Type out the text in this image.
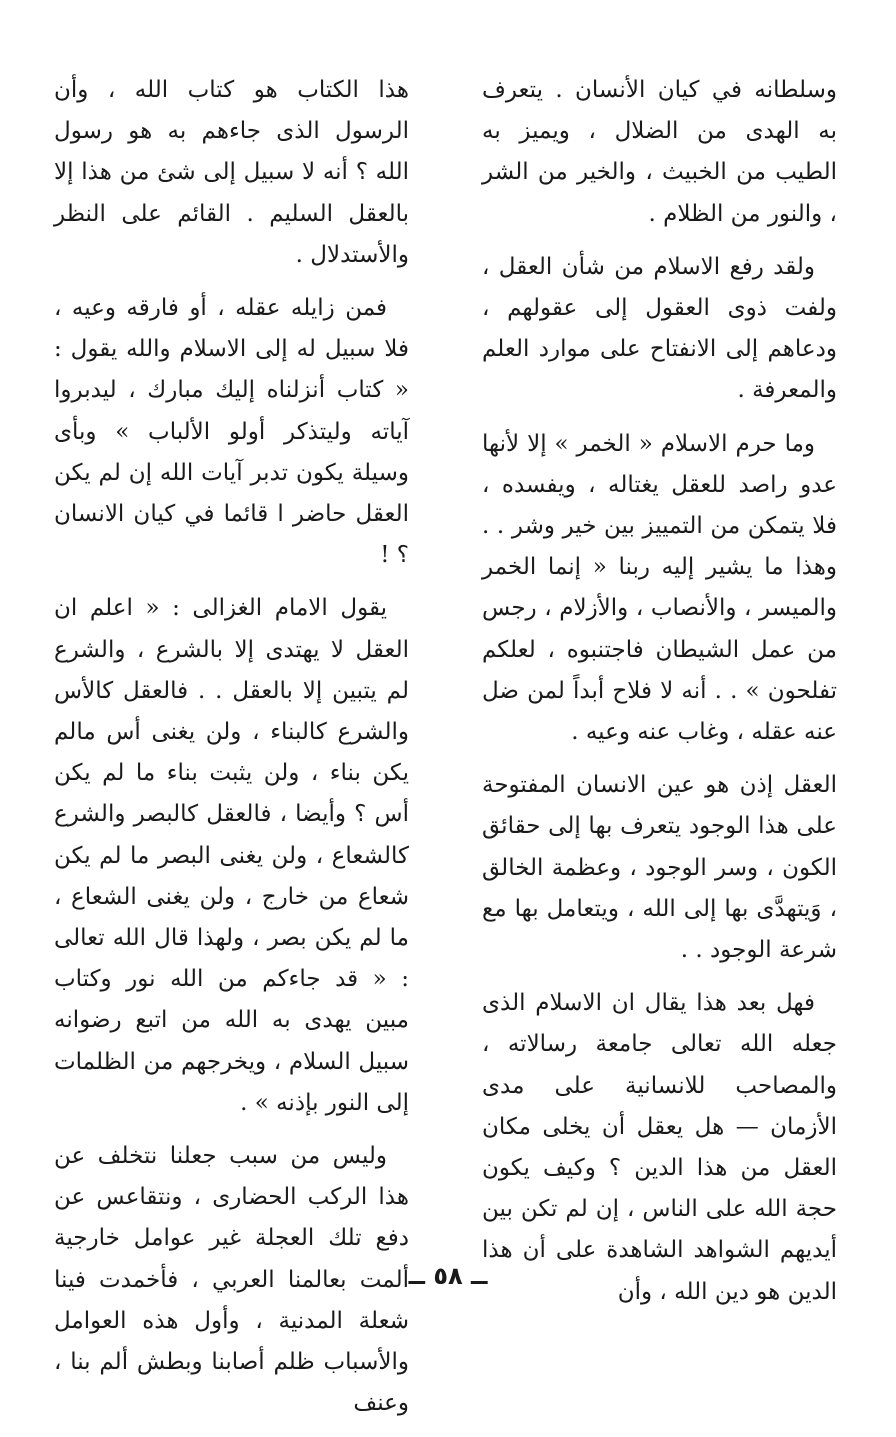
وسلطانه في كيان الأنسان . يتعرف به الهدى من الضلال ، ويميز به الطيب من الخبيث ، والخير من الشر ، والنور من الظلام .

ولقد رفع الاسلام من شأن العقل ، ولفت ذوى العقول إلى عقولهم ، ودعاهم إلى الانفتاح على موارد العلم والمعرفة .

وما حرم الاسلام « الخمر » إلا لأنها عدو راصد للعقل يغتاله ، ويفسده ، فلا يتمكن من التمييز بين خير وشر . . وهذا ما يشير إليه ربنا « إنما الخمر والميسر ، والأنصاب ، والأزلام ، رجس من عمل الشيطان فاجتنبوه ، لعلكم تفلحون » . . أنه لا فلاح أبداً لمن ضل عنه عقله ، وغاب عنه وعيه .

العقل إذن هو عين الانسان المفتوحة على هذا الوجود يتعرف بها إلى حقائق الكون ، وسر الوجود ، وعظمة الخالق ، وَيتهدَّى بها إلى الله ، ويتعامل بها مع شرعة الوجود . .

فهل بعد هذا يقال ان الاسلام الذى جعله الله تعالى جامعة رسالاته ، والمصاحب للانسانية على مدى الأزمان — هل يعقل أن يخلى مكان العقل من هذا الدين ؟ وكيف يكون حجة الله على الناس ، إن لم تكن بين أيديهم الشواهد الشاهدة على أن هذا الدين هو دين الله ، وأن

هذا الكتاب هو كتاب الله ، وأن الرسول الذى جاءهم به هو رسول الله ؟ أنه لا سبيل إلى شئ من هذا إلا بالعقل السليم . القائم على النظر والأستدلال .

فمن زايله عقله ، أو فارقه وعيه ، فلا سبيل له إلى الاسلام والله يقول : « كتاب أنزلناه إليك مبارك ، ليدبروا آياته وليتذكر أولو الألباب » وبأى وسيلة يكون تدبر آيات الله إن لم يكن العقل حاضر ا قائما في كيان الانسان ؟ !

يقول الامام الغزالى : « اعلم ان العقل لا يهتدى إلا بالشرع ، والشرع لم يتبين إلا بالعقل . . فالعقل كالأس والشرع كالبناء ، ولن يغنى أس مالم يكن بناء ، ولن يثبت بناء ما لم يكن أس ؟ وأيضا ، فالعقل كالبصر والشرع كالشعاع ، ولن يغنى البصر ما لم يكن شعاع من خارج ، ولن يغنى الشعاع ، ما لم يكن بصر ، ولهذا قال الله تعالى : « قد جاءكم من الله نور وكتاب مبين يهدى به الله من اتبع رضوانه سبيل السلام ، ويخرجهم من الظلمات إلى النور بإذنه » .

وليس من سبب جعلنا نتخلف عن هذا الركب الحضارى ، ونتقاعس عن دفع تلك العجلة غير عوامل خارجية ألمت بعالمنا العربي ، فأخمدت فينا شعلة المدنية ، وأول هذه العوامل والأسباب ظلم أصابنا وبطش ألم بنا ، وعنف

ــ ٥٨ ــ
